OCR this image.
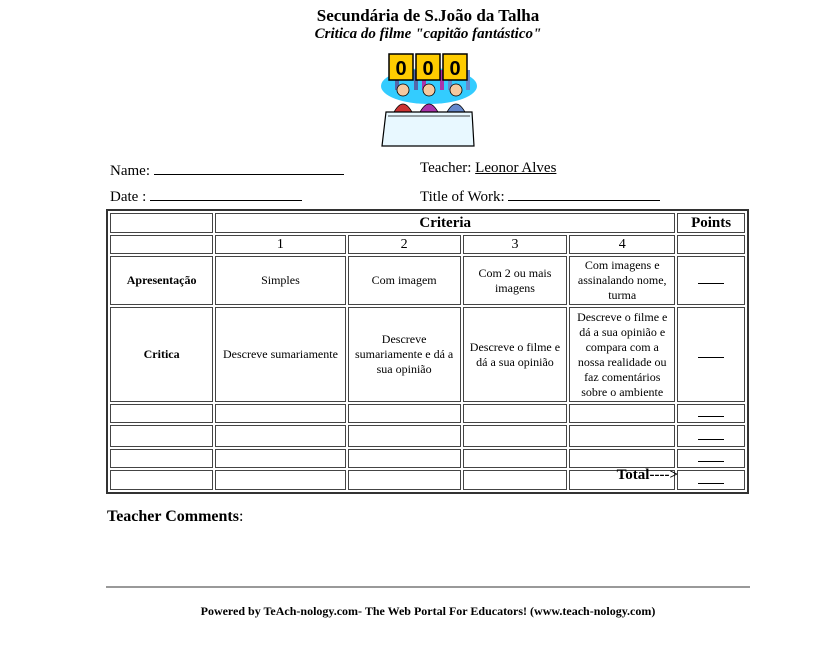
Secundária de S.João da Talha
Critica do filme "capitão fantástico"
0 0 0
Name:	Teacher: Leonor Alves
Date :	Title of Work:
	Criteria				Points
	1	2	3	4	
Apresentação	Simples	Com imagem	Com 2 ou mais imagens	Com imagens e assinalando nome, turma	
Critica	Descreve sumariamente	Descreve sumariamente e dá a sua opinião	Descreve o filme e dá a sua opinião	Descreve o filme e dá a sua opinião e compara com a nossa realidade ou faz comentários sobre o ambiente	

Total---->
Teacher Comments:
Powered by TeAch-nology.com- The Web Portal For Educators! (www.teach-nology.com)
